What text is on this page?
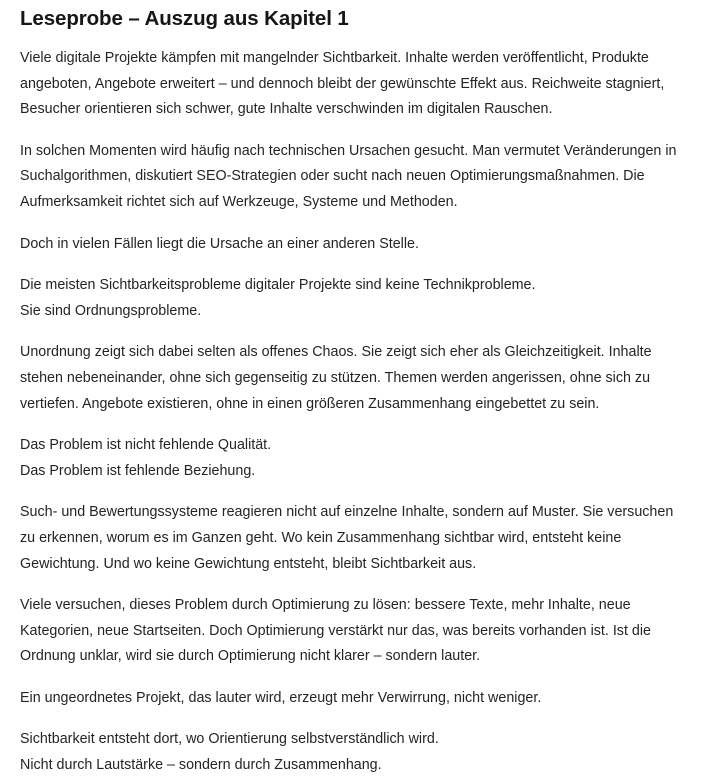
Leseprobe – Auszug aus Kapitel 1

Viele digitale Projekte kämpfen mit mangelnder Sichtbarkeit. Inhalte werden veröffentlicht, Produkte angeboten, Angebote erweitert – und dennoch bleibt der gewünschte Effekt aus. Reichweite stagniert, Besucher orientieren sich schwer, gute Inhalte verschwinden im digitalen Rauschen.

In solchen Momenten wird häufig nach technischen Ursachen gesucht. Man vermutet Veränderungen in Suchalgorithmen, diskutiert SEO-Strategien oder sucht nach neuen Optimierungsmaßnahmen. Die Aufmerksamkeit richtet sich auf Werkzeuge, Systeme und Methoden.

Doch in vielen Fällen liegt die Ursache an einer anderen Stelle.

Die meisten Sichtbarkeitsprobleme digitaler Projekte sind keine Technikprobleme.
Sie sind Ordnungsprobleme.

Unordnung zeigt sich dabei selten als offenes Chaos. Sie zeigt sich eher als Gleichzeitigkeit. Inhalte stehen nebeneinander, ohne sich gegenseitig zu stützen. Themen werden angerissen, ohne sich zu vertiefen. Angebote existieren, ohne in einen größeren Zusammenhang eingebettet zu sein.

Das Problem ist nicht fehlende Qualität.
Das Problem ist fehlende Beziehung.

Such- und Bewertungssysteme reagieren nicht auf einzelne Inhalte, sondern auf Muster. Sie versuchen zu erkennen, worum es im Ganzen geht. Wo kein Zusammenhang sichtbar wird, entsteht keine Gewichtung. Und wo keine Gewichtung entsteht, bleibt Sichtbarkeit aus.

Viele versuchen, dieses Problem durch Optimierung zu lösen: bessere Texte, mehr Inhalte, neue Kategorien, neue Startseiten. Doch Optimierung verstärkt nur das, was bereits vorhanden ist. Ist die Ordnung unklar, wird sie durch Optimierung nicht klarer – sondern lauter.

Ein ungeordnetes Projekt, das lauter wird, erzeugt mehr Verwirrung, nicht weniger.

Sichtbarkeit entsteht dort, wo Orientierung selbstverständlich wird.
Nicht durch Lautstärke – sondern durch Zusammenhang.
